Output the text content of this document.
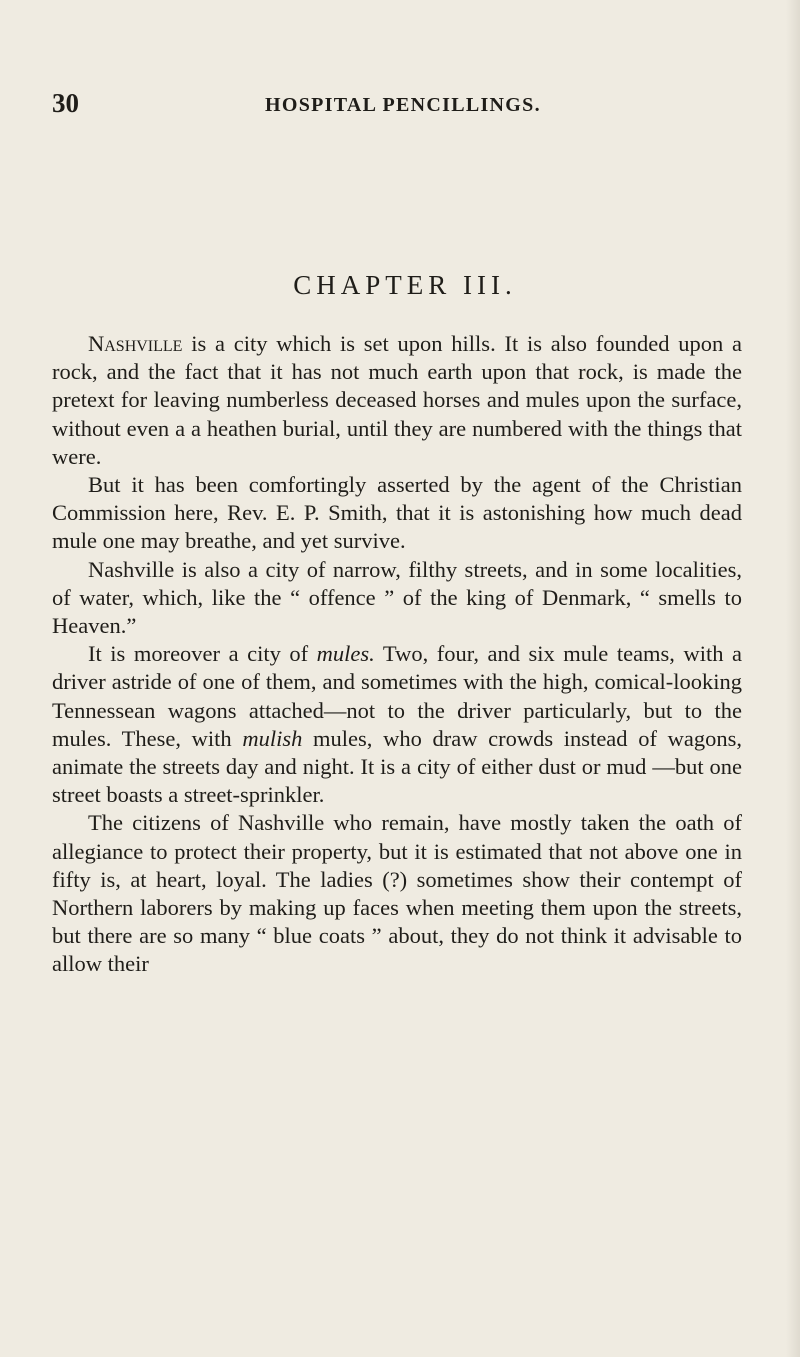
30	HOSPITAL PENCILLINGS.
CHAPTER III.

Nashville is a city which is set upon hills. It is also founded upon a rock, and the fact that it has not much earth upon that rock, is made the pretext for leaving numberless deceased horses and mules upon the surface, without even a a heathen burial, until they are numbered with the things that were.

But it has been comfortingly asserted by the agent of the Christian Commission here, Rev. E. P. Smith, that it is astonishing how much dead mule one may breathe, and yet survive.

Nashville is also a city of narrow, filthy streets, and in some localities, of water, which, like the “ offence ” of the king of Denmark, “ smells to Heaven.”

It is moreover a city of mules. Two, four, and six mule teams, with a driver astride of one of them, and sometimes with the high, comical-looking Tennessean wagons attached—not to the driver particularly, but to the mules. These, with mulish mules, who draw crowds instead of wagons, animate the streets day and night. It is a city of either dust or mud —but one street boasts a street-sprinkler.

The citizens of Nashville who remain, have mostly taken the oath of allegiance to protect their property, but it is estimated that not above one in fifty is, at heart, loyal. The ladies (?) sometimes show their contempt of Northern laborers by making up faces when meeting them upon the streets, but there are so many “ blue coats ” about, they do not think it advisable to allow their
